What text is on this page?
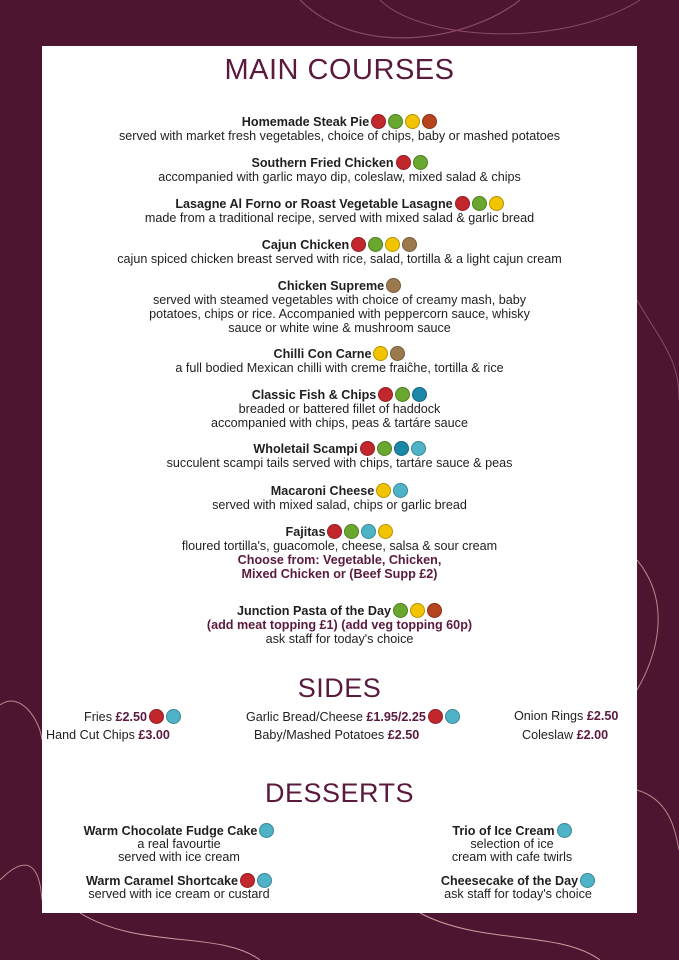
MAIN COURSES
Homemade Steak Pie
served with market fresh vegetables, choice of chips, baby or mashed potatoes
Southern Fried Chicken
accompanied with garlic mayo dip, coleslaw, mixed salad & chips
Lasagne Al Forno or Roast Vegetable Lasagne
made from a traditional recipe, served with mixed salad & garlic bread
Cajun Chicken
cajun spiced chicken breast served with rice, salad, tortilla & a light cajun cream
Chicken Supreme
served with steamed vegetables with choice of creamy mash, baby
potatoes, chips or rice. Accompanied with peppercorn sauce, whisky
sauce or white wine & mushroom sauce
Chilli Con Carne
a full bodied Mexican chilli with creme fraiĉhe, tortilla & rice
Classic Fish & Chips
breaded or battered fillet of haddock
accompanied with chips, peas & tartáre sauce
Wholetail Scampi
succulent scampi tails served with chips, tartáre sauce & peas
Macaroni Cheese
served with mixed salad, chips or garlic bread
Fajitas
floured tortilla's, guacomole, cheese, salsa & sour cream
Choose from: Vegetable, Chicken,
Mixed Chicken or (Beef Supp £2)
Junction Pasta of the Day
(add meat topping £1) (add veg topping 60p)
ask staff for today's choice
SIDES
Fries £2.50	Garlic Bread/Cheese £1.95/2.25	Onion Rings £2.50
Hand Cut Chips £3.00	Baby/Mashed Potatoes £2.50	Coleslaw £2.00
DESSERTS
Warm Chocolate Fudge Cake
a real favourtie
served with ice cream
Trio of Ice Cream
selection of ice
cream with cafe twirls
Warm Caramel Shortcake
served with ice cream or custard
Cheesecake of the Day
ask staff for today's choice
